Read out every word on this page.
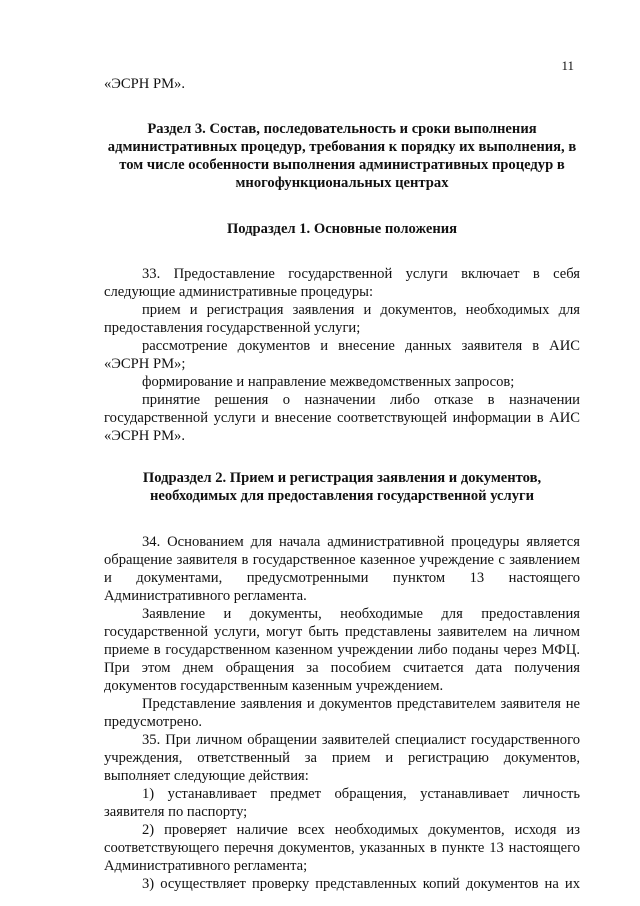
11

«ЭСРН РМ».

Раздел 3. Состав, последовательность и сроки выполнения административных процедур, требования к порядку их выполнения, в том числе особенности выполнения административных процедур в многофункциональных центрах

Подраздел 1. Основные положения

33. Предоставление государственной услуги включает в себя следующие административные процедуры:

прием и регистрация заявления и документов, необходимых для предоставления государственной услуги;

рассмотрение документов и внесение данных заявителя в АИС «ЭСРН РМ»;

формирование и направление межведомственных запросов;

принятие решения о назначении либо отказе в назначении государственной услуги и внесение соответствующей информации в АИС «ЭСРН РМ».

Подраздел 2. Прием и регистрация заявления и документов, необходимых для предоставления государственной услуги

34. Основанием для начала административной процедуры является обращение заявителя в государственное казенное учреждение с заявлением и документами, предусмотренными пунктом 13 настоящего Административного регламента.

Заявление и документы, необходимые для предоставления государственной услуги, могут быть представлены заявителем на личном приеме в государственном казенном учреждении либо поданы через МФЦ. При этом днем обращения за пособием считается дата получения документов государственным казенным учреждением.

Представление заявления и документов представителем заявителя не предусмотрено.

35. При личном обращении заявителей специалист государственного учреждения, ответственный за прием и регистрацию документов, выполняет следующие действия:

1) устанавливает предмет обращения, устанавливает личность заявителя по паспорту;

2) проверяет наличие всех необходимых документов, исходя из соответствующего перечня документов, указанных в пункте 13 настоящего Административного регламента;

3) осуществляет проверку представленных копий документов на их
